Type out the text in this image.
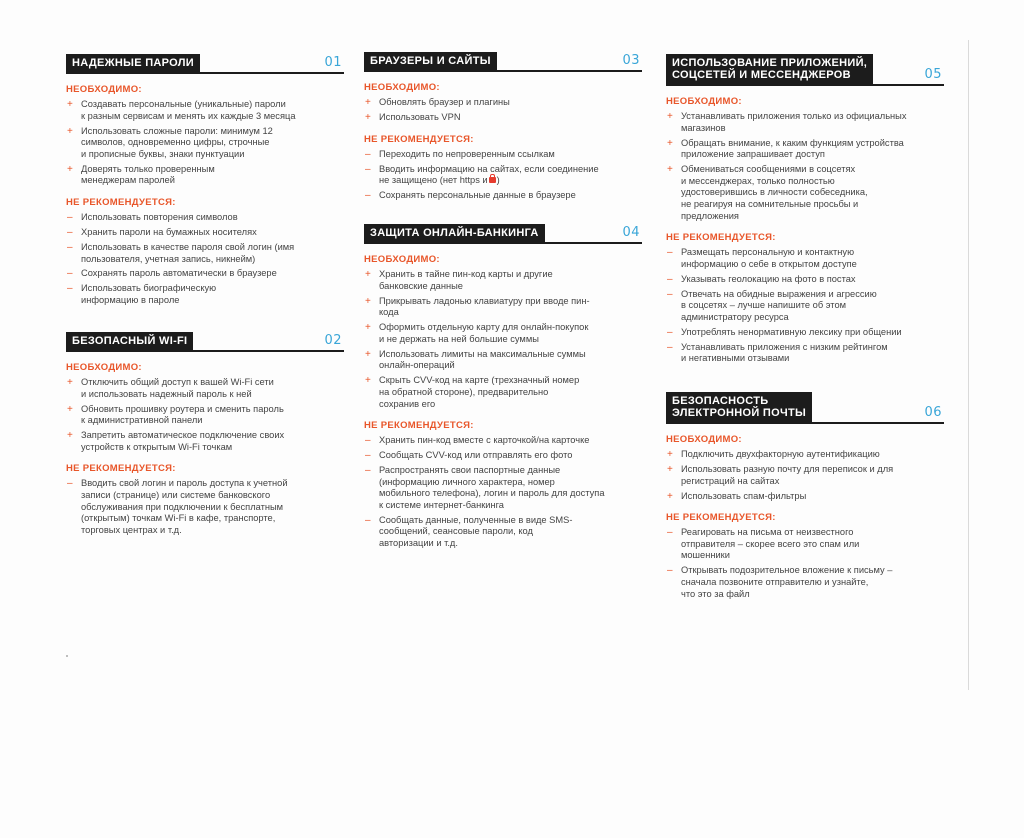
НАДЕЖНЫЕ ПАРОЛИ	01
НЕОБХОДИМО:
+ Создавать персональные (уникальные) пароли
к разным сервисам и менять их каждые 3 месяца
+ Использовать сложные пароли: минимум 12
символов, одновременно цифры, строчные
и прописные буквы, знаки пунктуации
+ Доверять только проверенным
менеджерам паролей
НЕ РЕКОМЕНДУЕТСЯ:
– Использовать повторения символов
– Хранить пароли на бумажных носителях
– Использовать в качестве пароля свой логин (имя
пользователя, учетная запись, никнейм)
– Сохранять пароль автоматически в браузере
– Использовать биографическую
информацию в пароле
БЕЗОПАСНЫЙ WI-FI	02
НЕОБХОДИМО:
+ Отключить общий доступ к вашей Wi-Fi сети
и использовать надежный пароль к ней
+ Обновить прошивку роутера и сменить пароль
к административной панели
+ Запретить автоматическое подключение своих
устройств к открытым Wi-Fi точкам
НЕ РЕКОМЕНДУЕТСЯ:
– Вводить свой логин и пароль доступа к учетной
записи (странице) или системе банковского
обслуживания при подключении к бесплатным
(открытым) точкам Wi-Fi в кафе, транспорте,
торговых центрах и т.д.
БРАУЗЕРЫ И САЙТЫ	03
НЕОБХОДИМО:
+ Обновлять браузер и плагины
+ Использовать VPN
НЕ РЕКОМЕНДУЕТСЯ:
– Переходить по непроверенным ссылкам
– Вводить информацию на сайтах, если соединение
не защищено (нет https и )
– Сохранять персональные данные в браузере
ЗАЩИТА ОНЛАЙН-БАНКИНГА	04
НЕОБХОДИМО:
+ Хранить в тайне пин-код карты и другие
банковские данные
+ Прикрывать ладонью клавиатуру при вводе пин-
кода
+ Оформить отдельную карту для онлайн-покупок
и не держать на ней большие суммы
+ Использовать лимиты на максимальные суммы
онлайн-операций
+ Скрыть CVV-код на карте (трехзначный номер
на обратной стороне), предварительно
сохранив его
НЕ РЕКОМЕНДУЕТСЯ:
– Хранить пин-код вместе с карточкой/на карточке
– Сообщать CVV-код или отправлять его фото
– Распространять свои паспортные данные
(информацию личного характера, номер
мобильного телефона), логин и пароль для доступа
к системе интернет-банкинга
– Сообщать данные, полученные в виде SMS-
сообщений, сеансовые пароли, код
авторизации и т.д.
ИСПОЛЬЗОВАНИЕ ПРИЛОЖЕНИЙ,
СОЦСЕТЕЙ И МЕССЕНДЖЕРОВ	05
НЕОБХОДИМО:
+ Устанавливать приложения только из официальных
магазинов
+ Обращать внимание, к каким функциям устройства
приложение запрашивает доступ
+ Обмениваться сообщениями в соцсетях
и мессенджерах, только полностью
удостоверившись в личности собеседника,
не реагируя на сомнительные просьбы и
предложения
НЕ РЕКОМЕНДУЕТСЯ:
– Размещать персональную и контактную
информацию о себе в открытом доступе
– Указывать геолокацию на фото в постах
– Отвечать на обидные выражения и агрессию
в соцсетях – лучше напишите об этом
администратору ресурса
– Употреблять ненормативную лексику при общении
– Устанавливать приложения с низким рейтингом
и негативными отзывами
БЕЗОПАСНОСТЬ
ЭЛЕКТРОННОЙ ПОЧТЫ	06
НЕОБХОДИМО:
+ Подключить двухфакторную аутентификацию
+ Использовать разную почту для переписок и для
регистраций на сайтах
+ Использовать спам-фильтры
НЕ РЕКОМЕНДУЕТСЯ:
– Реагировать на письма от неизвестного
отправителя – скорее всего это спам или
мошенники
– Открывать подозрительное вложение к письму –
сначала позвоните отправителю и узнайте,
что это за файл
